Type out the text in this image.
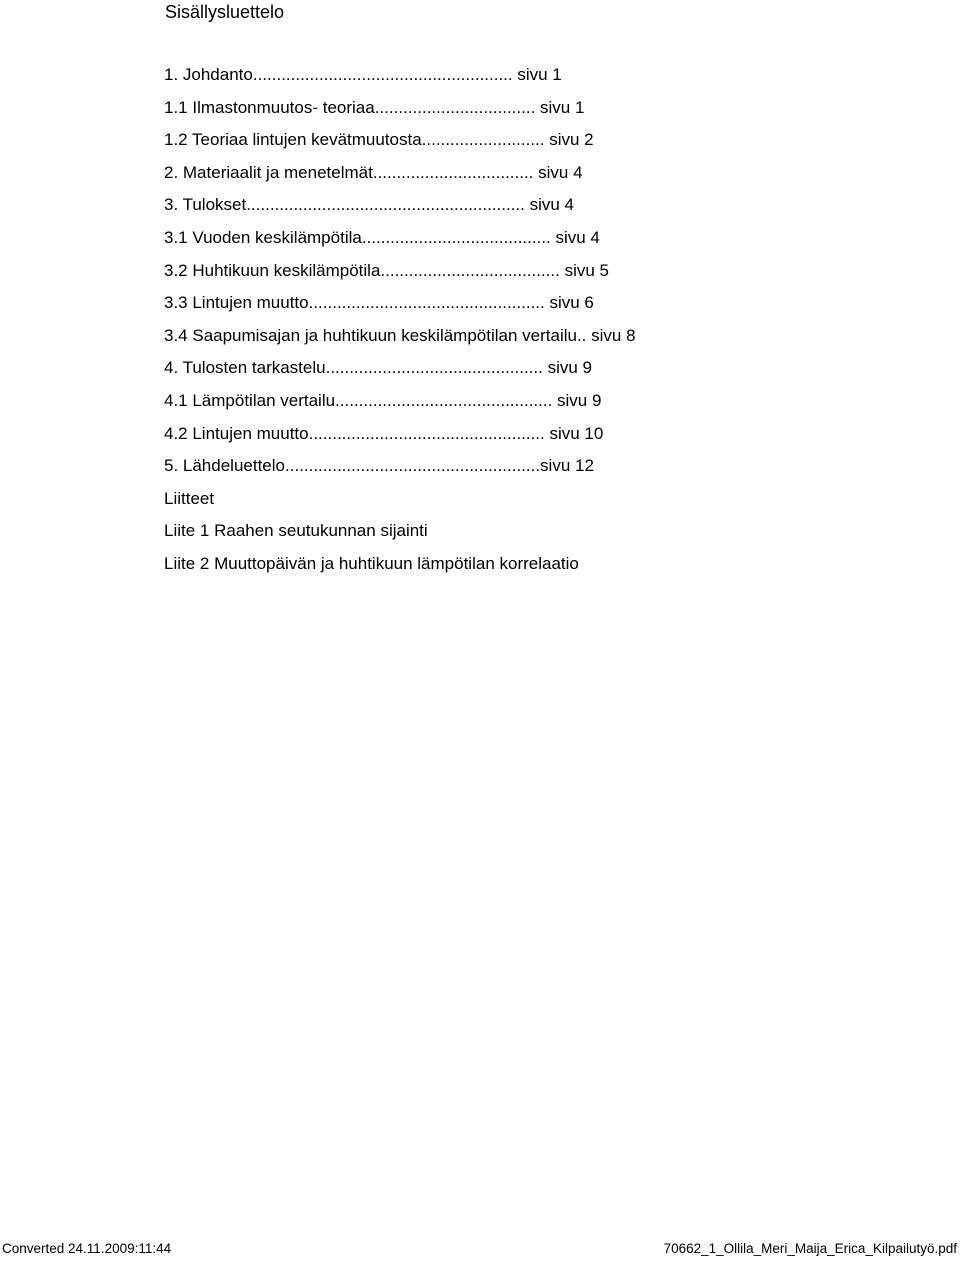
Sisällysluettelo
1. Johdanto....................................................... sivu 1
1.1 Ilmastonmuutos- teoriaa.................................. sivu 1
1.2 Teoriaa lintujen kevätmuutosta.......................... sivu 2
2. Materiaalit ja menetelmät.................................. sivu 4
3. Tulokset........................................................... sivu 4
3.1 Vuoden keskilämpötila........................................ sivu 4
3.2 Huhtikuun keskilämpötila...................................... sivu 5
3.3 Lintujen muutto.................................................. sivu 6
3.4 Saapumisajan ja huhtikuun keskilämpötilan vertailu.. sivu 8
4. Tulosten tarkastelu.............................................. sivu 9
4.1 Lämpötilan vertailu.............................................. sivu 9
4.2 Lintujen muutto.................................................. sivu 10
5. Lähdeluettelo......................................................sivu 12
Liitteet
Liite 1 Raahen seutukunnan sijainti
Liite 2 Muuttopäivän ja huhtikuun lämpötilan korrelaatio
Converted 24.11.2009:11:44	70662_1_Ollila_Meri_Maija_Erica_Kilpailutyö.pdf
